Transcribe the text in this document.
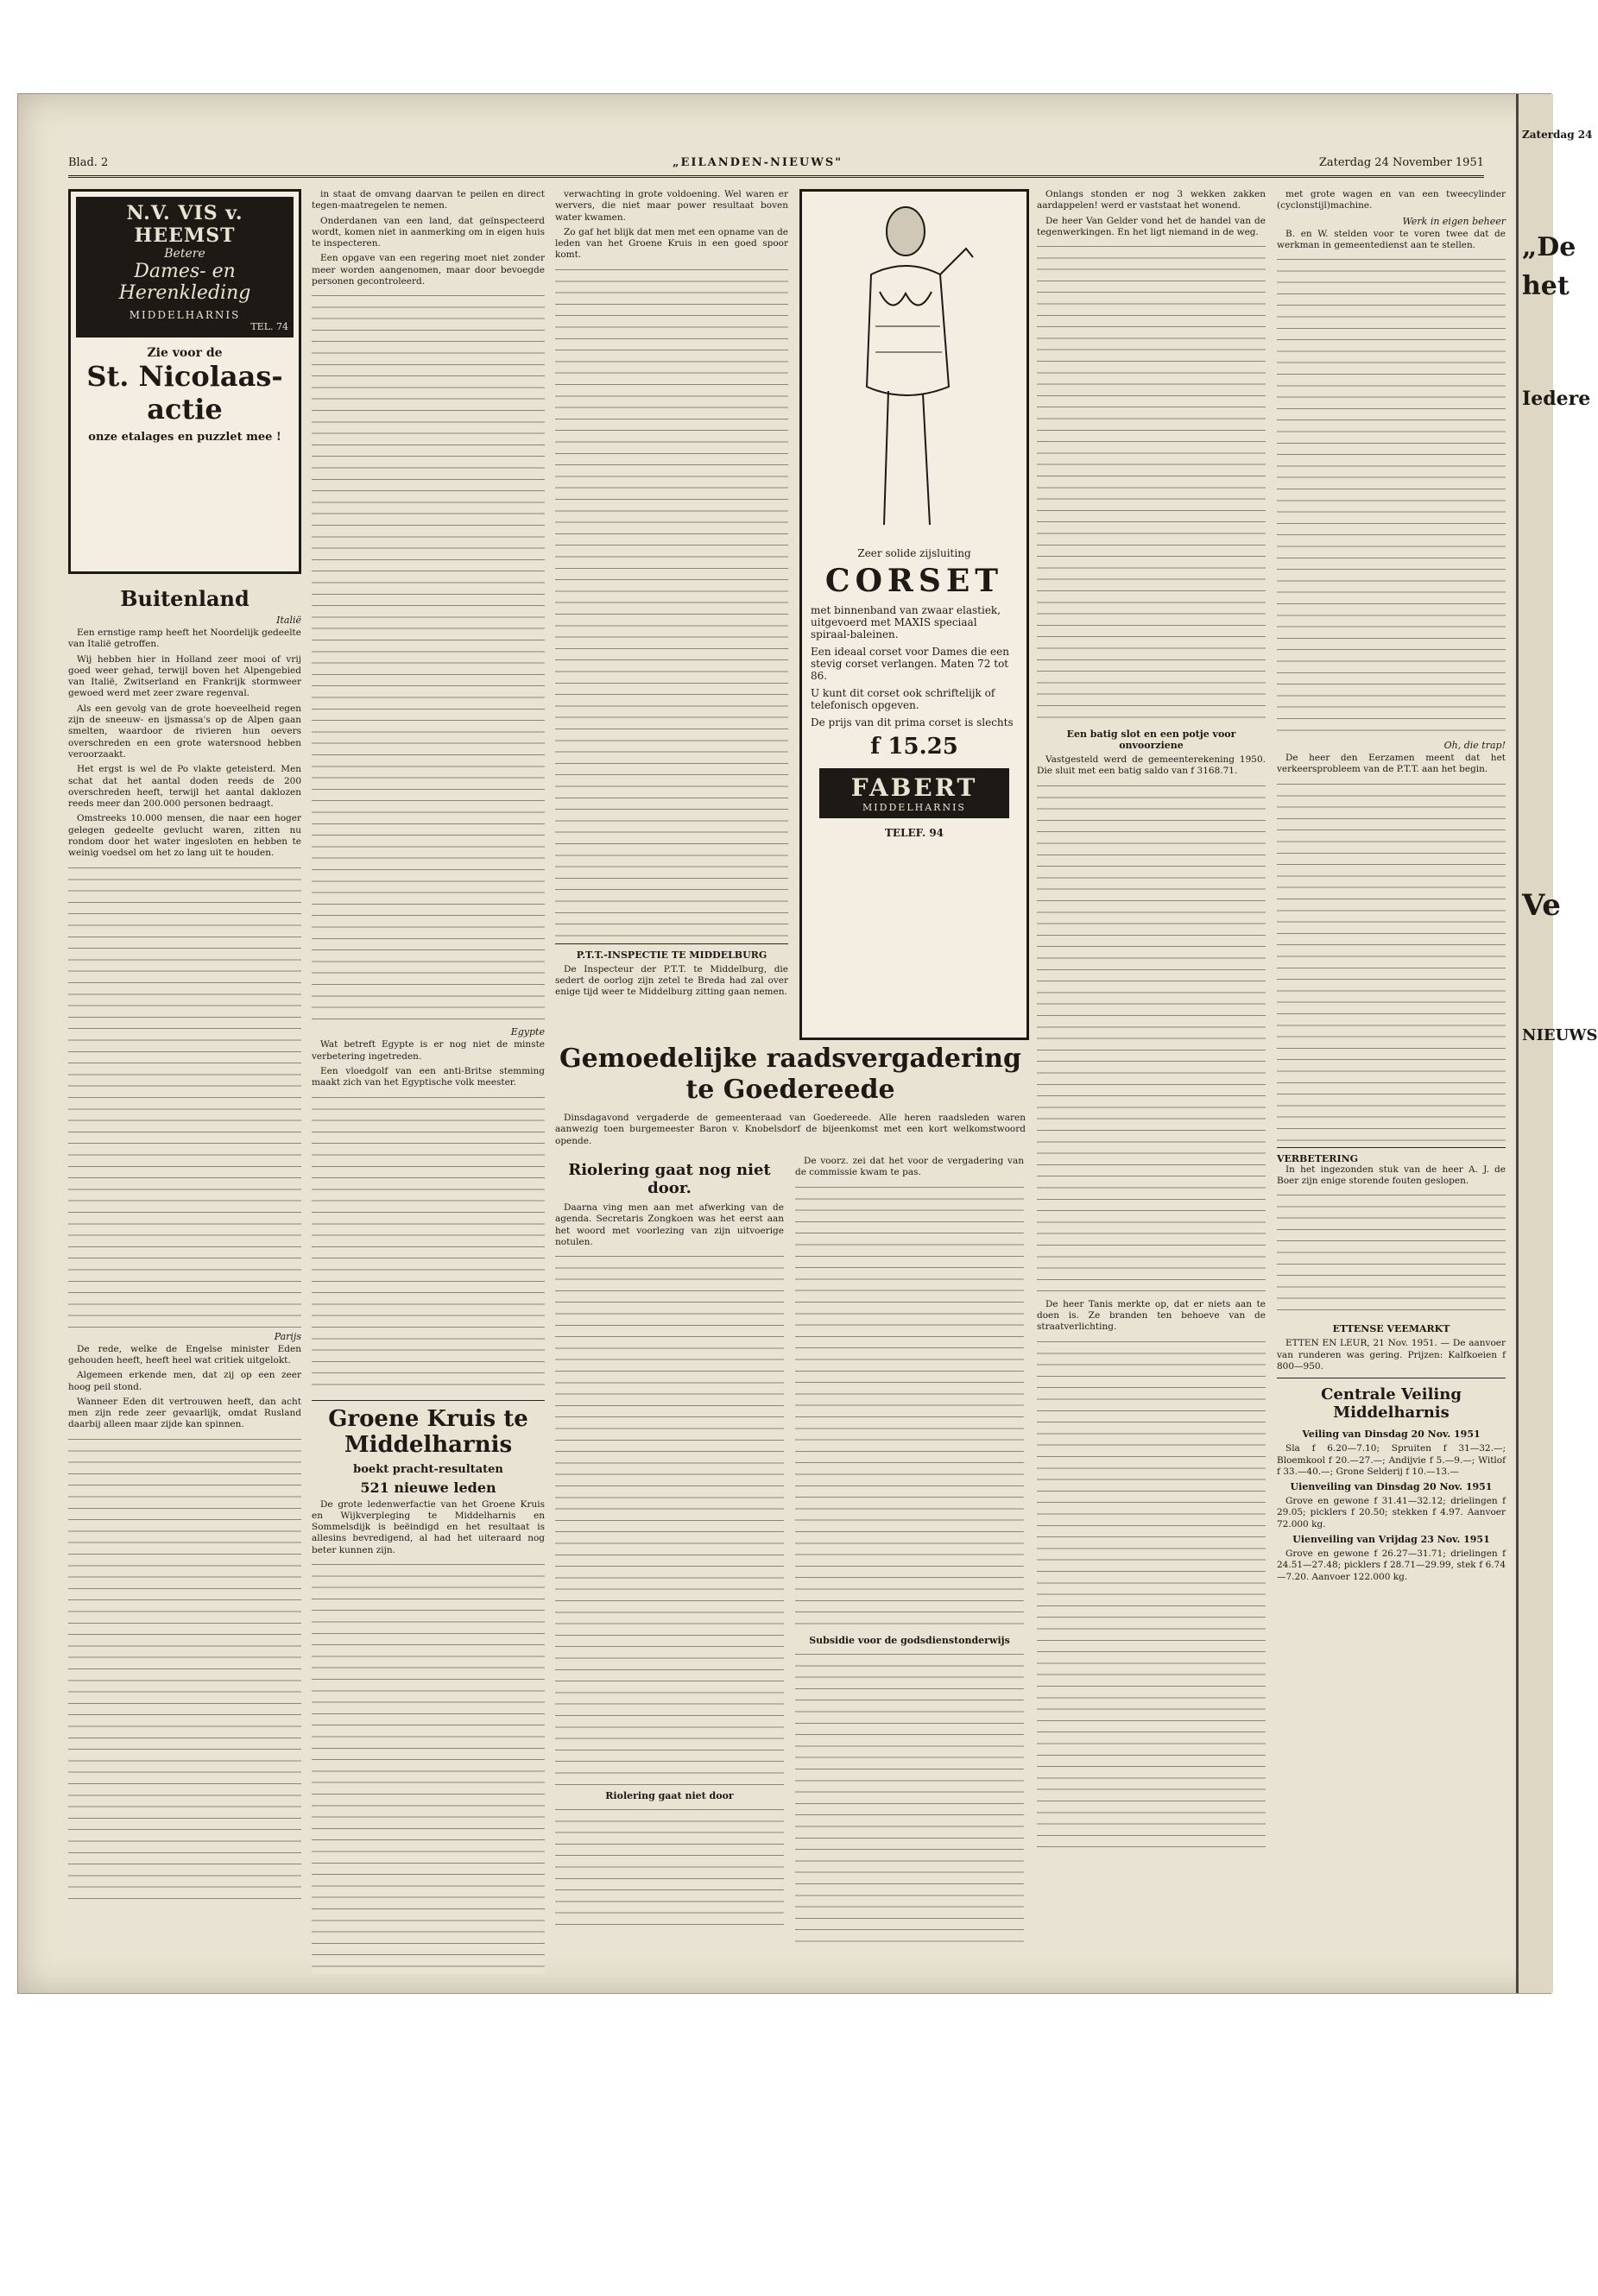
Zaterdag 24
„De
het
Iedere
Ve
NIEUWS
Blad. 2	„EILANDEN-NIEUWS"	Zaterdag 24 November 1951
N.V. VIS v. HEEMST
Betere
Dames- en
Herenkleding
MIDDELHARNIS
TEL. 74
Zie voor de
St. Nicolaas-
actie
onze etalages en puzzlet mee !
Buitenland
Italië

Een ernstige ramp heeft het Noordelijk gedeelte van Italië getroffen.

Wij hebben hier in Holland zeer mooi of vrij goed weer gehad, terwijl boven het Alpengebied van Italië, Zwitserland en Frankrijk stormweer gewoed werd met zeer zware regenval.

Als een gevolg van de grote hoeveelheid regen zijn de sneeuw- en ijsmassa's op de Alpen gaan smelten, waardoor de rivieren hun oevers overschreden en een grote watersnood hebben veroorzaakt.

Het ergst is wel de Po vlakte geteisterd. Men schat dat het aantal doden reeds de 200 overschreden heeft, terwijl het aantal daklozen reeds meer dan 200.000 personen bedraagt.

Omstreeks 10.000 mensen, die naar een hoger gelegen gedeelte gevlucht waren, zitten nu rondom door het water ingesloten en hebben te weinig voedsel om het zo lang uit te houden.

Parijs

De rede, welke de Engelse minister Eden gehouden heeft, heeft heel wat critiek uitgelokt.

Algemeen erkende men, dat zij op een zeer hoog peil stond.

Wanneer Eden dit vertrouwen heeft, dan acht men zijn rede zeer gevaarlijk, omdat Rusland daarbij alleen maar zijde kan spinnen.

in staat de omvang daarvan te peilen en direct tegen-maatregelen te nemen.

Onderdanen van een land, dat geïnspecteerd wordt, komen niet in aanmerking om in eigen huis te inspecteren.

Een opgave van een regering moet niet zonder meer worden aangenomen, maar door bevoegde personen gecontroleerd.

Egypte

Wat betreft Egypte is er nog niet de minste verbetering ingetreden.

Een vloedgolf van een anti-Britse stemming maakt zich van het Egyptische volk meester.

Groene Kruis te Middelharnis
boekt pracht-resultaten
521 nieuwe leden

De grote ledenwerfactie van het Groene Kruis en Wijkverpleging te Middelharnis en Sommelsdijk is beëindigd en het resultaat is allesins bevredigend, al had het uiteraard nog beter kunnen zijn.

verwachting in grote voldoening. Wel waren er wervers, die niet maar power resultaat boven water kwamen.

Zo gaf het blijk dat men met een opname van de leden van het Groene Kruis in een goed spoor komt.

P.T.T.-INSPECTIE TE MIDDELBURG

De Inspecteur der P.T.T. te Middelburg, die sedert de oorlog zijn zetel te Breda had zal over enige tijd weer te Middelburg zitting gaan nemen.

Zeer solide zijsluiting
CORSET
met binnenband van zwaar elastiek, uitgevoerd met MAXIS speciaal spiraal-baleinen.
Een ideaal corset voor Dames die een stevig corset verlangen. Maten 72 tot 86.
U kunt dit corset ook schriftelijk of telefonisch opgeven.
De prijs van dit prima corset is slechts
f 15.25
FABERT
MIDDELHARNIS
TELEF. 94
Gemoedelijke raadsvergadering
te Goedereede

Dinsdagavond vergaderde de gemeenteraad van Goedereede. Alle heren raadsleden waren aanwezig toen burgemeester Baron v. Knobelsdorf de bijeenkomst met een kort welkomstwoord opende.

Riolering gaat nog niet door.

Daarna ving men aan met afwerking van de agenda. Secretaris Zongkoen was het eerst aan het woord met voorlezing van zijn uitvoerige notulen.

Riolering gaat niet door

De voorz. zei dat het voor de vergadering van de commissie kwam te pas.

Subsidie voor de godsdienstonderwijs

Onlangs stonden er nog 3 wekken zakken aardappelen! werd er vaststaat het wonend.

De heer Van Gelder vond het de handel van de tegenwerkingen. En het ligt niemand in de weg.

Een batig slot en een potje voor onvoorziene

Vastgesteld werd de gemeenterekening 1950. Die sluit met een batig saldo van f 3168.71.

De heer Tanis merkte op, dat er niets aan te doen is. Ze branden ten behoeve van de straatverlichting.

met grote wagen en van een tweecylinder (cyclonstijl)machine.

Werk in eigen beheer

B. en W. stelden voor te voren twee dat de werkman in gemeentedienst aan te stellen.

Oh, die trap!

De heer den Eerzamen meent dat het verkeersprobleem van de P.T.T. aan het begin.

VERBETERING

In het ingezonden stuk van de heer A. J. de Boer zijn enige storende fouten geslopen.

ETTENSE VEEMARKT

ETTEN EN LEUR, 21 Nov. 1951. — De aanvoer van runderen was gering. Prijzen: Kalfkoeien f 800—950.

Centrale Veiling Middelharnis
Veiling van Dinsdag 20 Nov. 1951

Sla f 6.20—7.10; Spruiten f 31—32.—; Bloemkool f 20.—27.—; Andijvie f 5.—9.—; Witlof f 33.—40.—; Grone Selderij f 10.—13.—

Uienveiling van Dinsdag 20 Nov. 1951

Grove en gewone f 31.41—32.12; drielingen f 29.05; picklers f 20.50; stekken f 4.97. Aanvoer 72.000 kg.

Uienveiling van Vrijdag 23 Nov. 1951

Grove en gewone f 26.27—31.71; drielingen f 24.51—27.48; picklers f 28.71—29.99, stek f 6.74—7.20. Aanvoer 122.000 kg.
